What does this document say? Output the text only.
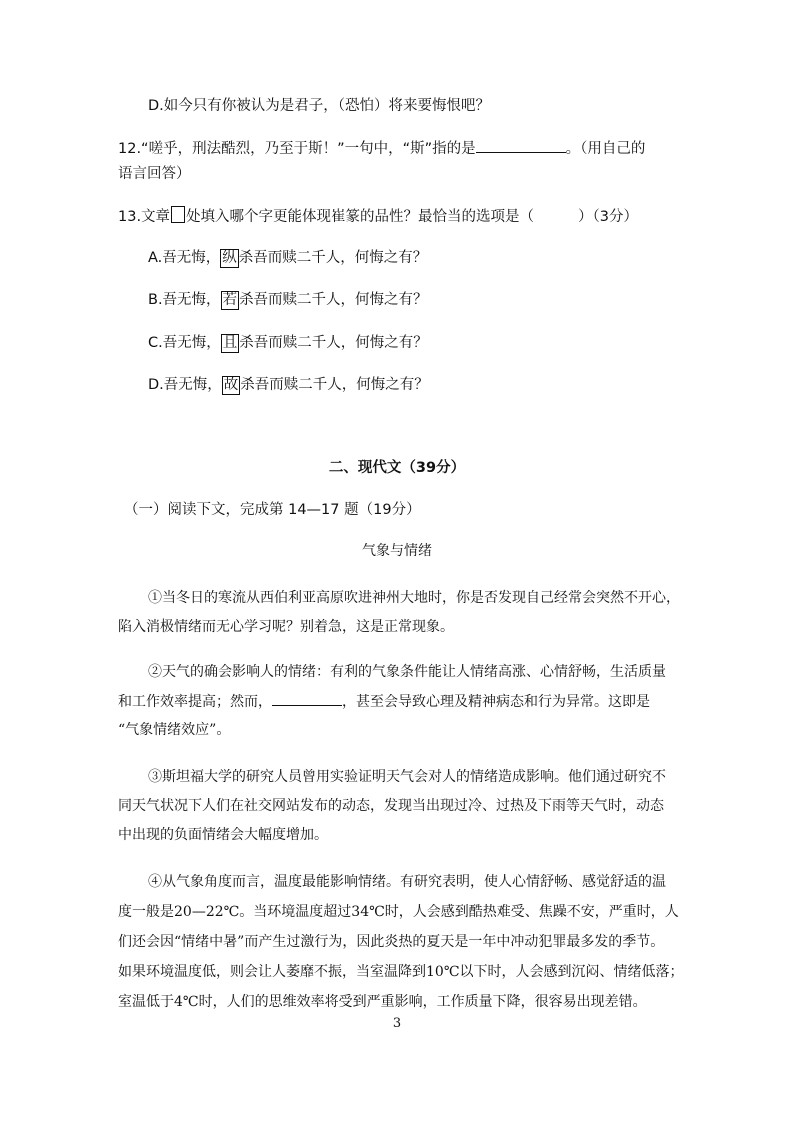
D.如今只有你被认为是君子，（恐怕）将来要悔恨吧？
12.“嗟乎，刑法酷烈，乃至于斯！”一句中，“斯”指的是	。（用自己的
语言回答）
13.文章 处填入哪个字更能体现崔篆的品性？最恰当的选项是（	）（3分）
A.吾无悔， 纵 杀吾而赎二千人，何悔之有？
B.吾无悔， 若 杀吾而赎二千人，何悔之有？
C.吾无悔， 且 杀吾而赎二千人，何悔之有？
D.吾无悔， 故 杀吾而赎二千人，何悔之有？
二、现代文（39分）
（一）阅读下文，完成第 14—17 题（19分）
气象与情绪
①当冬日的寒流从西伯利亚高原吹进神州大地时，你是否发现自己经常会突然不开心，
陷入消极情绪而无心学习呢？别着急，这是正常现象。
②天气的确会影响人的情绪：有利的气象条件能让人情绪高涨、心情舒畅，生活质量
和工作效率提高；然而，	，甚至会导致心理及精神病态和行为异常。这即是
“气象情绪效应”。
③斯坦福大学的研究人员曾用实验证明天气会对人的情绪造成影响。他们通过研究不
同天气状况下人们在社交网站发布的动态，发现当出现过冷、过热及下雨等天气时，动态
中出现的负面情绪会大幅度增加。
④从气象角度而言，温度最能影响情绪。有研究表明，使人心情舒畅、感觉舒适的温
度一般是20—22℃。当环境温度超过34℃时，人会感到酷热难受、焦躁不安，严重时，人
们还会因“情绪中暑”而产生过激行为，因此炎热的夏天是一年中冲动犯罪最多发的季节。
如果环境温度低，则会让人萎靡不振，当室温降到10℃以下时，人会感到沉闷、情绪低落；
室温低于4℃时，人们的思维效率将受到严重影响，工作质量下降，很容易出现差错。
3
